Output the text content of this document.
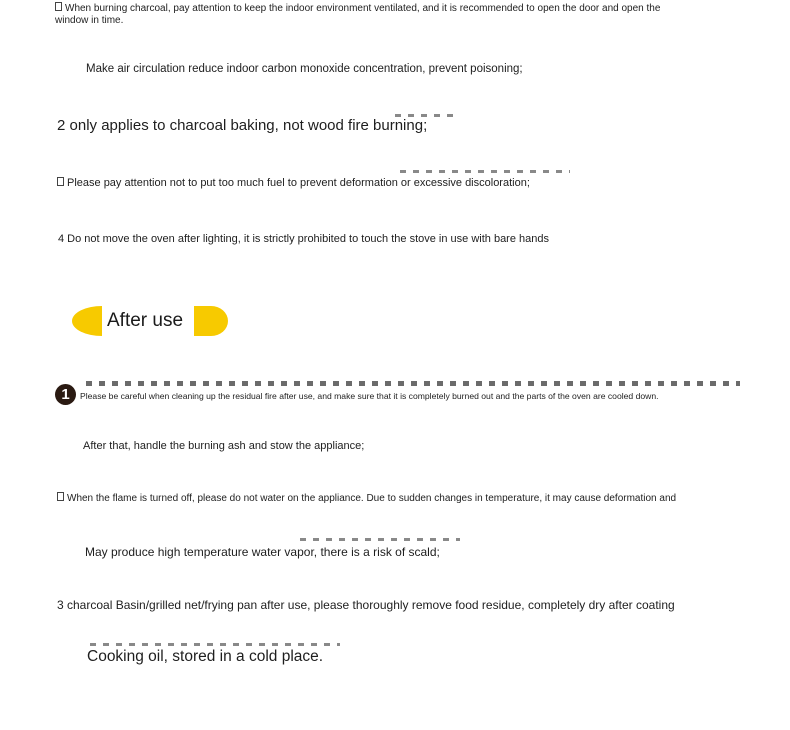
When burning charcoal, pay attention to keep the indoor environment ventilated, and it is recommended to open the door and open the
window in time.

Make air circulation reduce indoor carbon monoxide concentration, prevent poisoning;

2 only applies to charcoal baking, not wood fire burning;

Please pay attention not to put too much fuel to prevent deformation or excessive discoloration;

4 Do not move the oven after lighting, it is strictly prohibited to touch the stove in use with bare hands

After use
1	Please be careful when cleaning up the residual fire after use, and make sure that it is completely burned out and the parts of the oven are cooled down.

After that, handle the burning ash and stow the appliance;

When the flame is turned off, please do not water on the appliance. Due to sudden changes in temperature, it may cause deformation and

May produce high temperature water vapor, there is a risk of scald;

3 charcoal Basin/grilled net/frying pan after use, please thoroughly remove food residue, completely dry after coating

Cooking oil, stored in a cold place.
